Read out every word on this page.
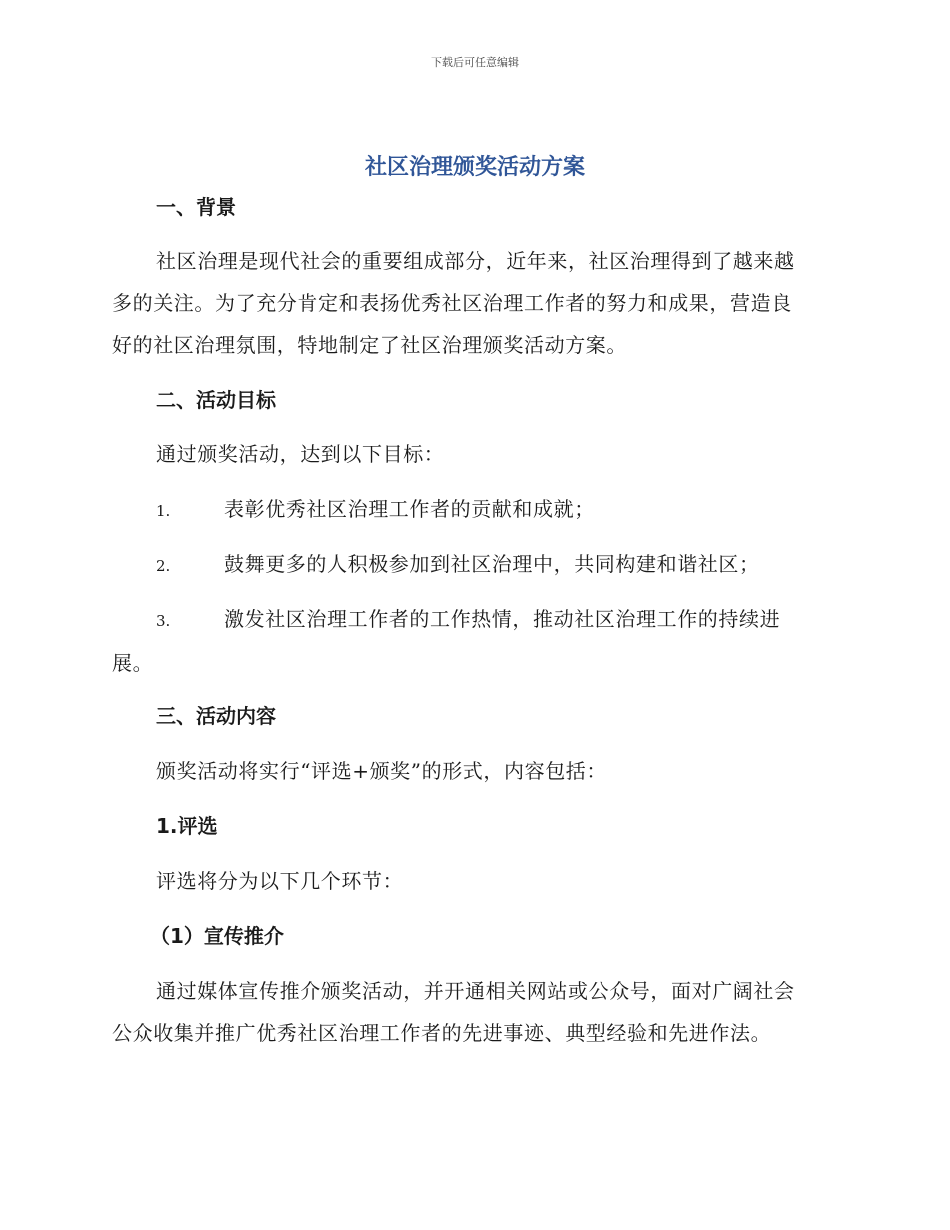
下载后可任意编辑
社区治理颁奖活动方案
一、背景
社区治理是现代社会的重要组成部分，近年来，社区治理得到了越来越
多的关注。为了充分肯定和表扬优秀社区治理工作者的努力和成果，营造良
好的社区治理氛围，特地制定了社区治理颁奖活动方案。
二、活动目标
通过颁奖活动，达到以下目标：
1.	表彰优秀社区治理工作者的贡献和成就；
2.	鼓舞更多的人积极参加到社区治理中，共同构建和谐社区；
3.	激发社区治理工作者的工作热情，推动社区治理工作的持续进
展。
三、活动内容
颁奖活动将实行“评选+颁奖”的形式，内容包括：
1.评选
评选将分为以下几个环节：
（1）宣传推介
通过媒体宣传推介颁奖活动，并开通相关网站或公众号，面对广阔社会
公众收集并推广优秀社区治理工作者的先进事迹、典型经验和先进作法。
